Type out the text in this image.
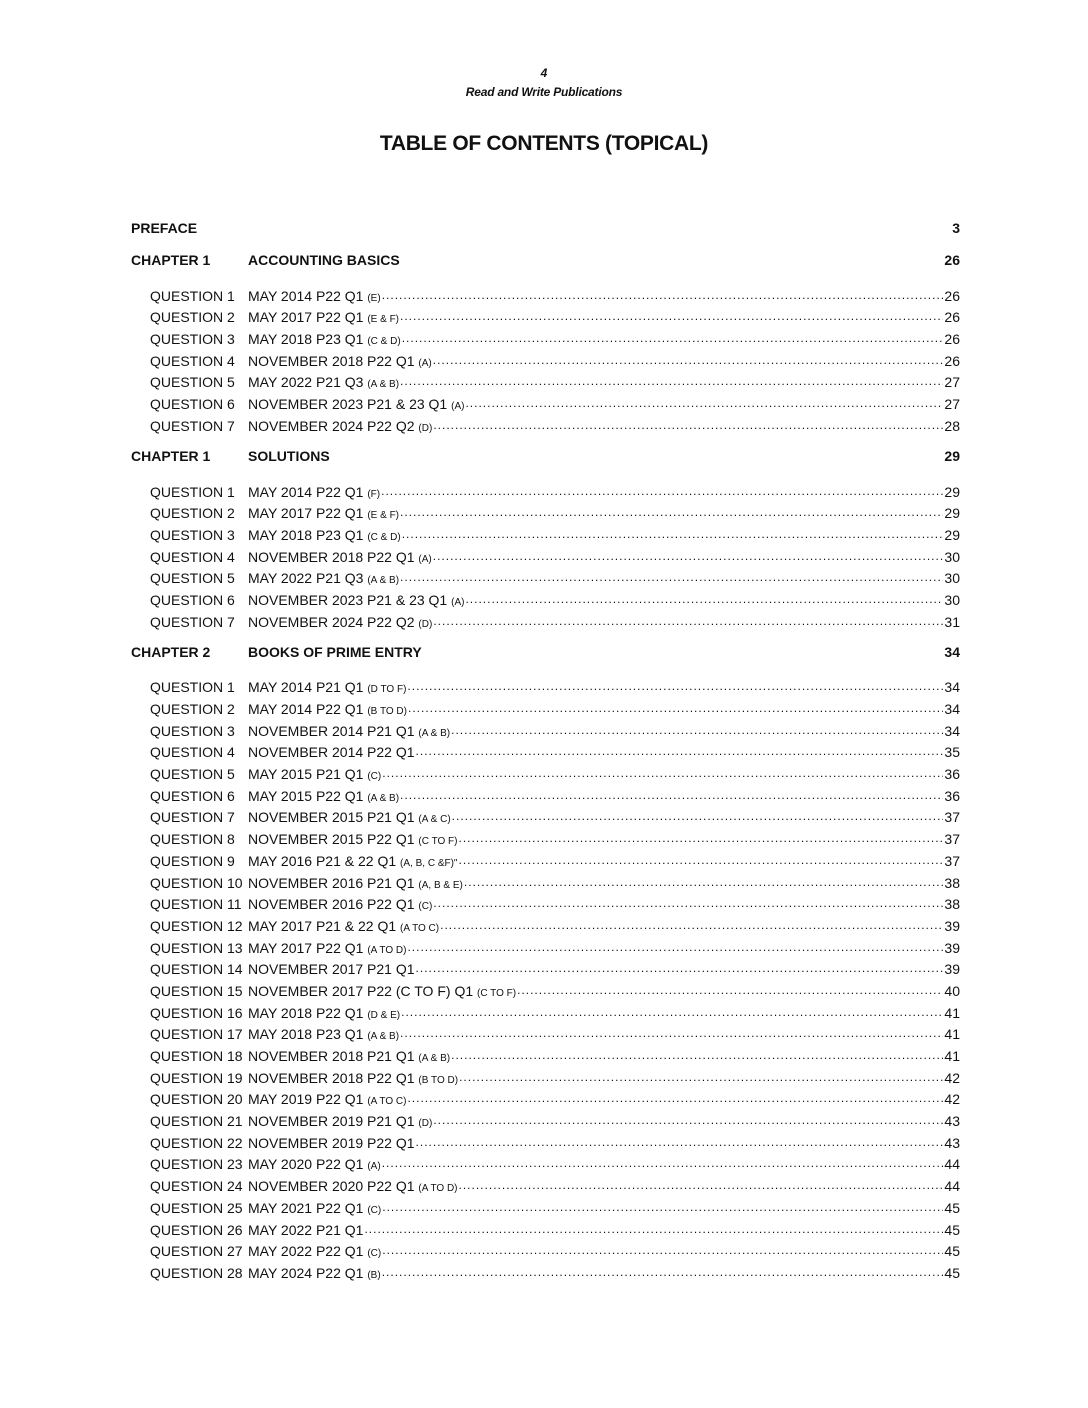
4
Read and Write Publications
TABLE OF CONTENTS (TOPICAL)
PREFACE	3
CHAPTER 1	ACCOUNTING BASICS	26
QUESTION 1 MAY 2014 P22 Q1 (E) .....	26
QUESTION 2 MAY 2017 P22 Q1 (E & F) .....	26
QUESTION 3 MAY 2018 P23 Q1 (C & D) .....	26
QUESTION 4 NOVEMBER 2018 P22 Q1 (A) .....	26
QUESTION 5 MAY 2022 P21 Q3 (A & B) .....	27
QUESTION 6 NOVEMBER 2023 P21 & 23 Q1 (A) .....	27
QUESTION 7 NOVEMBER 2024 P22 Q2 (D) .....	28
CHAPTER 1	SOLUTIONS	29
QUESTION 1 MAY 2014 P22 Q1 (F) .....	29
QUESTION 2 MAY 2017 P22 Q1 (E & F) .....	29
QUESTION 3 MAY 2018 P23 Q1 (C & D) .....	29
QUESTION 4 NOVEMBER 2018 P22 Q1 (A) .....	30
QUESTION 5 MAY 2022 P21 Q3 (A & B) .....	30
QUESTION 6 NOVEMBER 2023 P21 & 23 Q1 (A) .....	30
QUESTION 7 NOVEMBER 2024 P22 Q2 (D) .....	31
CHAPTER 2	BOOKS OF PRIME ENTRY	34
QUESTION 1 MAY 2014 P21 Q1 (D TO F) .....	34
QUESTION 2 MAY 2014 P22 Q1 (B TO D) .....	34
QUESTION 3 NOVEMBER 2014 P21 Q1 (A & B) .....	34
QUESTION 4 NOVEMBER 2014 P22 Q1 .....	35
QUESTION 5 MAY 2015 P21 Q1 (C) .....	36
QUESTION 6 MAY 2015 P22 Q1 (A & B) .....	36
QUESTION 7 NOVEMBER 2015 P21 Q1 (A & C) .....	37
QUESTION 8 NOVEMBER 2015 P22 Q1 (C TO F) .....	37
QUESTION 9 MAY 2016 P21 & 22 Q1 (A, B, C &F)" .....	37
QUESTION 10 NOVEMBER 2016 P21 Q1 (A, B & E) .....	38
QUESTION 11 NOVEMBER 2016 P22 Q1 (C) .....	38
QUESTION 12 MAY 2017 P21 & 22 Q1 (A TO C) .....	39
QUESTION 13 MAY 2017 P22 Q1 (A TO D) .....	39
QUESTION 14 NOVEMBER 2017 P21 Q1 .....	39
QUESTION 15 NOVEMBER 2017 P22 (C TO F) Q1 (C TO F) .....	40
QUESTION 16 MAY 2018 P22 Q1 (D & E) .....	41
QUESTION 17 MAY 2018 P23 Q1 (A & B) .....	41
QUESTION 18 NOVEMBER 2018 P21 Q1 (A & B) .....	41
QUESTION 19 NOVEMBER 2018 P22 Q1 (B TO D) .....	42
QUESTION 20 MAY 2019 P22 Q1 (A TO C) .....	42
QUESTION 21 NOVEMBER 2019 P21 Q1 (D) .....	43
QUESTION 22 NOVEMBER 2019 P22 Q1 .....	43
QUESTION 23 MAY 2020 P22 Q1 (A) .....	44
QUESTION 24 NOVEMBER 2020 P22 Q1 (A TO D) .....	44
QUESTION 25 MAY 2021 P22 Q1 (C) .....	45
QUESTION 26 MAY 2022 P21 Q1 .....	45
QUESTION 27 MAY 2022 P22 Q1 (C) .....	45
QUESTION 28 MAY 2024 P22 Q1 (B) .....	45
